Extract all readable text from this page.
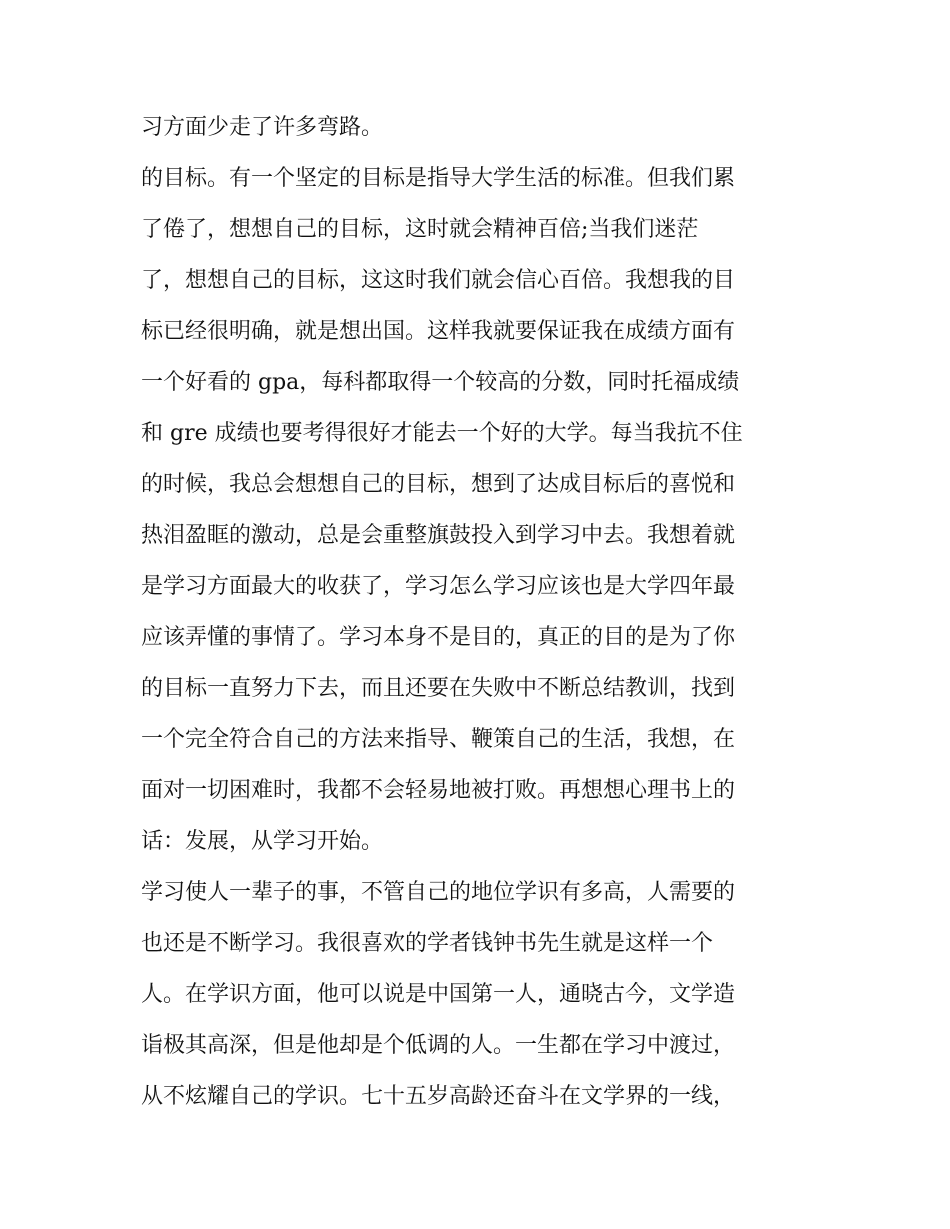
习方面少走了许多弯路。
的目标。有一个坚定的目标是指导大学生活的标准。但我们累
了倦了，想想自己的目标，这时就会精神百倍;当我们迷茫
了，想想自己的目标，这这时我们就会信心百倍。我想我的目
标已经很明确，就是想出国。这样我就要保证我在成绩方面有
一个好看的 gpa，每科都取得一个较高的分数，同时托福成绩
和 gre 成绩也要考得很好才能去一个好的大学。每当我抗不住
的时候，我总会想想自己的目标，想到了达成目标后的喜悦和
热泪盈眶的激动，总是会重整旗鼓投入到学习中去。我想着就
是学习方面最大的收获了，学习怎么学习应该也是大学四年最
应该弄懂的事情了。学习本身不是目的，真正的目的是为了你
的目标一直努力下去，而且还要在失败中不断总结教训，找到
一个完全符合自己的方法来指导、鞭策自己的生活，我想，在
面对一切困难时，我都不会轻易地被打败。再想想心理书上的
话：发展，从学习开始。
学习使人一辈子的事，不管自己的地位学识有多高，人需要的
也还是不断学习。我很喜欢的学者钱钟书先生就是这样一个
人。在学识方面，他可以说是中国第一人，通晓古今，文学造
诣极其高深，但是他却是个低调的人。一生都在学习中渡过，
从不炫耀自己的学识。七十五岁高龄还奋斗在文学界的一线，
